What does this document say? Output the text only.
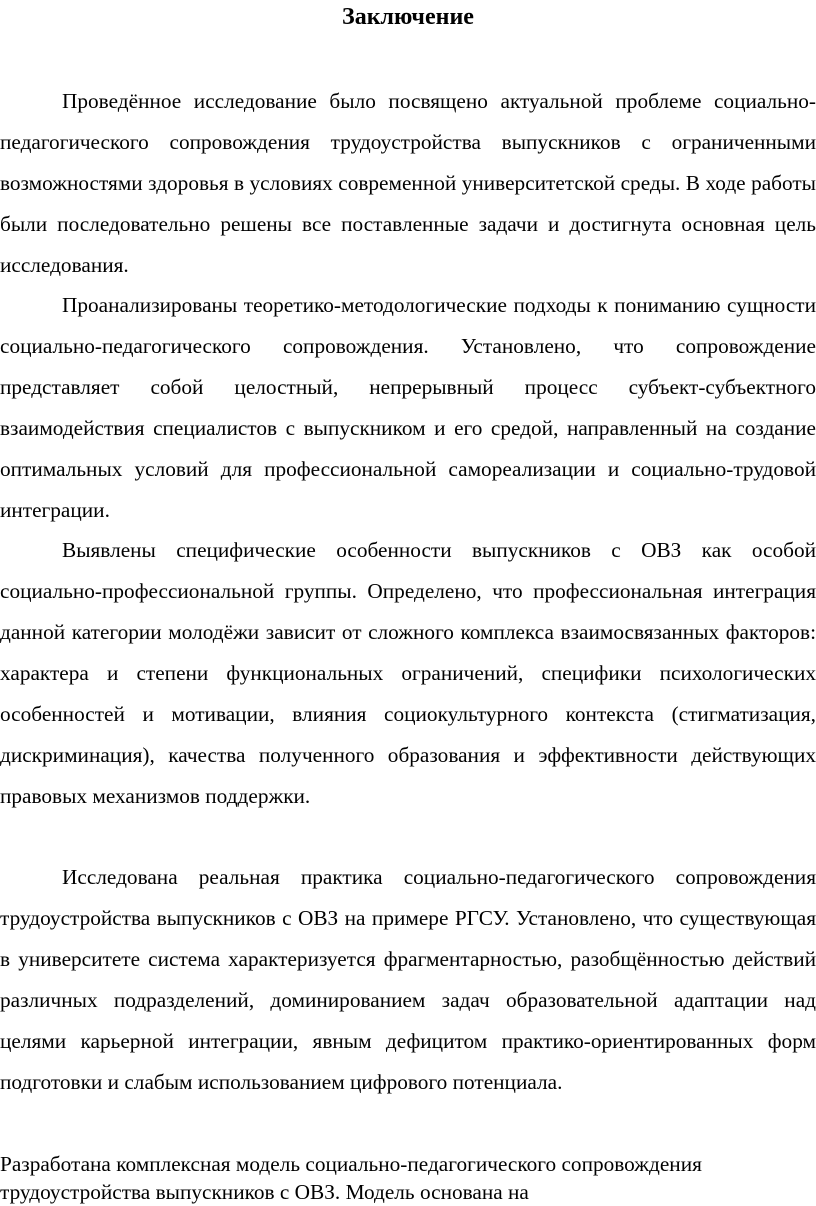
Заключение

Проведённое исследование было посвящено актуальной проблеме социально-педагогического сопровождения трудоустройства выпускников с ограниченными возможностями здоровья в условиях современной университетской среды. В ходе работы были последовательно решены все поставленные задачи и достигнута основная цель исследования.

Проанализированы теоретико-методологические подходы к пониманию сущности социально-педагогического сопровождения. Установлено, что сопровождение представляет собой целостный, непрерывный процесс субъект-субъектного взаимодействия специалистов с выпускником и его средой, направленный на создание оптимальных условий для профессиональной самореализации и социально-трудовой интеграции.

Выявлены специфические особенности выпускников с ОВЗ как особой социально-профессиональной группы. Определено, что профессиональная интеграция данной категории молодёжи зависит от сложного комплекса взаимосвязанных факторов: характера и степени функциональных ограничений, специфики психологических особенностей и мотивации, влияния социокультурного контекста (стигматизация, дискриминация), качества полученного образования и эффективности действующих правовых механизмов поддержки.

Исследована реальная практика социально-педагогического сопровождения трудоустройства выпускников с ОВЗ на примере РГСУ. Установлено, что существующая в университете система характеризуется фрагментарностью, разобщённостью действий различных подразделений, доминированием задач образовательной адаптации над целями карьерной интеграции, явным дефицитом практико-ориентированных форм подготовки и слабым использованием цифрового потенциала.

Разработана комплексная модель социально-педагогического сопровождения трудоустройства выпускников с ОВЗ. Модель основана на
